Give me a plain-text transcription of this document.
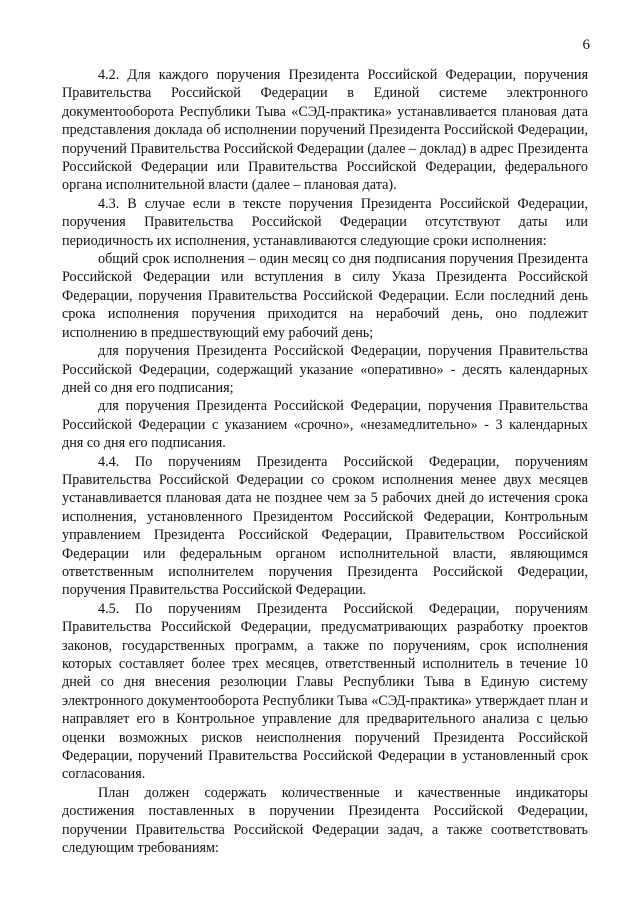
6

4.2. Для каждого поручения Президента Российской Федерации, поручения Правительства Российской Федерации в Единой системе электронного документооборота Республики Тыва «СЭД-практика» устанавливается плановая дата представления доклада об исполнении поручений Президента Российской Федерации, поручений Правительства Российской Федерации (далее – доклад) в адрес Президента Российской Федерации или Правительства Российской Федерации, федерального органа исполнительной власти (далее – плановая дата).

4.3. В случае если в тексте поручения Президента Российской Федерации, поручения Правительства Российской Федерации отсутствуют даты или периодичность их исполнения, устанавливаются следующие сроки исполнения:

общий срок исполнения – один месяц со дня подписания поручения Президента Российской Федерации или вступления в силу Указа Президента Российской Федерации, поручения Правительства Российской Федерации. Если последний день срока исполнения поручения приходится на нерабочий день, оно подлежит исполнению в предшествующий ему рабочий день;

для поручения Президента Российской Федерации, поручения Правительства Российской Федерации, содержащий указание «оперативно» - десять календарных дней со дня его подписания;

для поручения Президента Российской Федерации, поручения Правительства Российской Федерации с указанием «срочно», «незамедлительно» - 3 календарных дня со дня его подписания.

4.4. По поручениям Президента Российской Федерации, поручениям Правительства Российской Федерации со сроком исполнения менее двух месяцев устанавливается плановая дата не позднее чем за 5 рабочих дней до истечения срока исполнения, установленного Президентом Российской Федерации, Контрольным управлением Президента Российской Федерации, Правительством Российской Федерации или федеральным органом исполнительной власти, являющимся ответственным исполнителем поручения Президента Российской Федерации, поручения Правительства Российской Федерации.

4.5. По поручениям Президента Российской Федерации, поручениям Правительства Российской Федерации, предусматривающих разработку проектов законов, государственных программ, а также по поручениям, срок исполнения которых составляет более трех месяцев, ответственный исполнитель в течение 10 дней со дня внесения резолюции Главы Республики Тыва в Единую систему электронного документооборота Республики Тыва «СЭД-практика» утверждает план и направляет его в Контрольное управление для предварительного анализа с целью оценки возможных рисков неисполнения поручений Президента Российской Федерации, поручений Правительства Российской Федерации в установленный срок согласования.

План должен содержать количественные и качественные индикаторы достижения поставленных в поручении Президента Российской Федерации, поручении Правительства Российской Федерации задач, а также соответствовать следующим требованиям:
